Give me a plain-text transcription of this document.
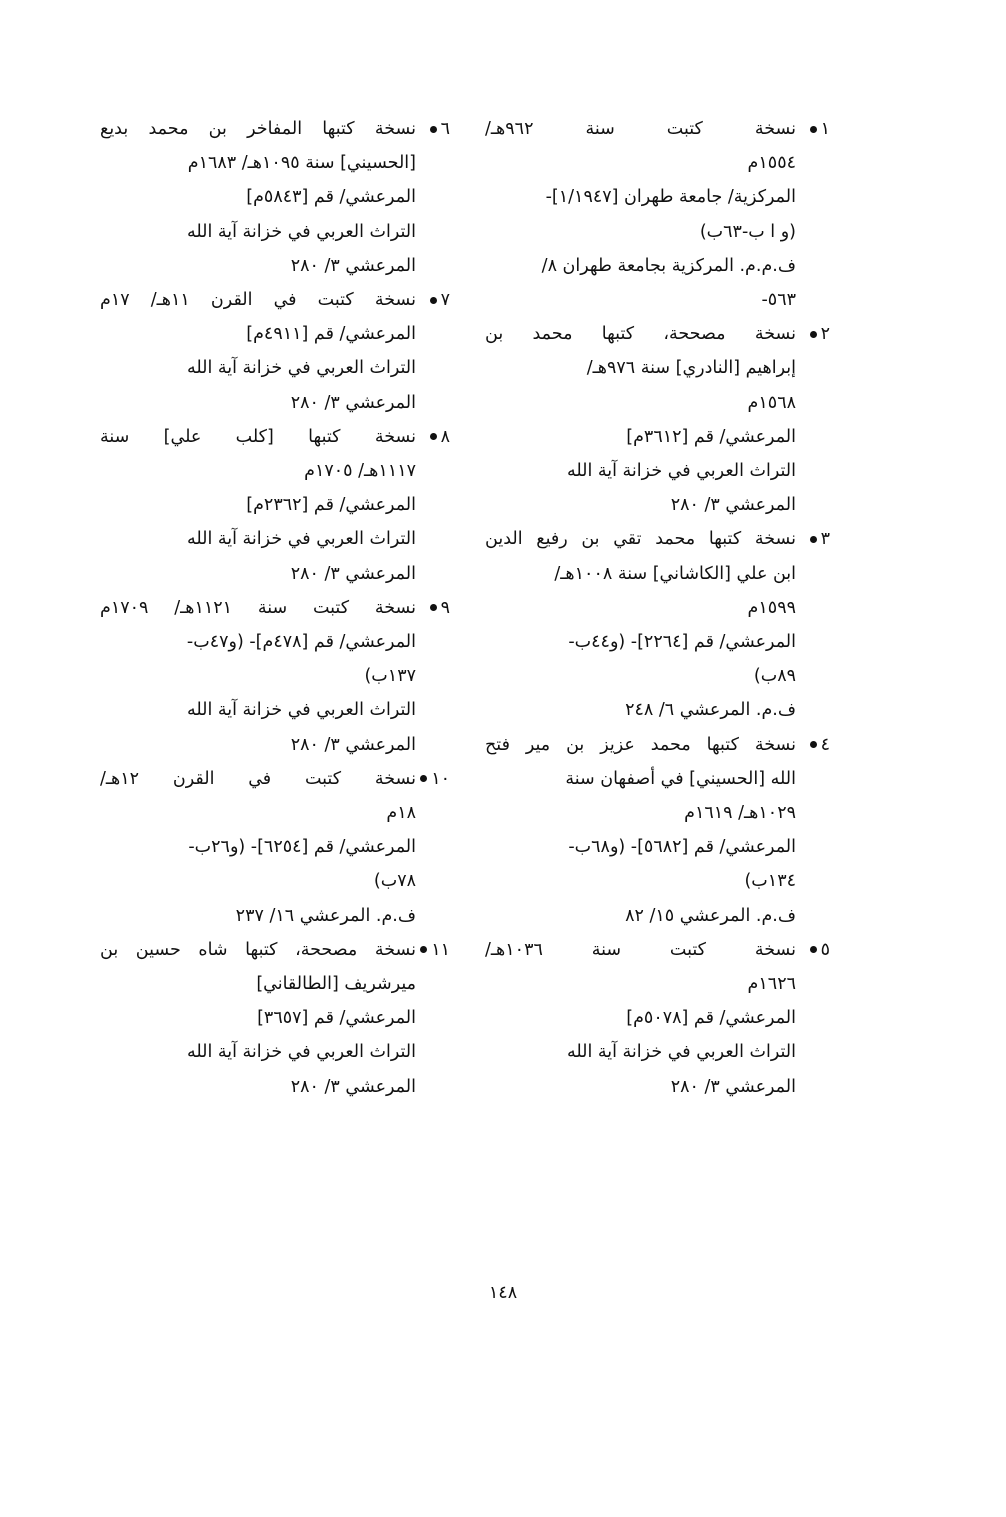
١
نسخة كتبت سنة ٩٦٢هـ/
١٥٥٤م
المركزية/ جامعة طهران [١/١٩٤٧]-
(و ا ب-٦٣ب)
ف.م.م. المركزية بجامعة طهران ٨/
٥٦٣-
٢
نسخة مصححة، كتبها محمد بن
إبراهيم [النادري] سنة ٩٧٦هـ/
١٥٦٨م
المرعشي/ قم [٣٦١٢م]
التراث العربي في خزانة آية الله
المرعشي ٣/ ٢٨٠
٣
نسخة كتبها محمد تقي بن رفيع الدين
ابن علي [الكاشاني] سنة ١٠٠٨هـ/
١٥٩٩م
المرعشي/ قم [٢٢٦٤]- (و٤٤ب-
٨٩ب)
ف.م. المرعشي ٦/ ٢٤٨
٤
نسخة كتبها محمد عزيز بن مير فتح
الله [الحسيني] في أصفهان سنة
١٠٢٩هـ/ ١٦١٩م
المرعشي/ قم [٥٦٨٢]- (و٦٨ب-
١٣٤ب)
ف.م. المرعشي ١٥/ ٨٢
٥
نسخة كتبت سنة ١٠٣٦هـ/
١٦٢٦م
المرعشي/ قم [٥٠٧٨م]
التراث العربي في خزانة آية الله
المرعشي ٣/ ٢٨٠
٦
نسخة كتبها المفاخر بن محمد بديع
[الحسيني] سنة ١٠٩٥هـ/ ١٦٨٣م
المرعشي/ قم [٥٨٤٣م]
التراث العربي في خزانة آية الله
المرعشي ٣/ ٢٨٠
٧
نسخة كتبت في القرن ١١هـ/ ١٧م
المرعشي/ قم [٤٩١١م]
التراث العربي في خزانة آية الله
المرعشي ٣/ ٢٨٠
٨
نسخة كتبها [كلب علي] سنة
١١١٧هـ/ ١٧٠٥م
المرعشي/ قم [٢٣٦٢م]
التراث العربي في خزانة آية الله
المرعشي ٣/ ٢٨٠
٩
نسخة كتبت سنة ١١٢١هـ/ ١٧٠٩م
المرعشي/ قم [٤٧٨م]- (و٤٧ب-
١٣٧ب)
التراث العربي في خزانة آية الله
المرعشي ٣/ ٢٨٠
١٠
نسخة كتبت في القرن ١٢هـ/
١٨م
المرعشي/ قم [٦٢٥٤]- (و٢٦ب-
٧٨ب)
ف.م. المرعشي ١٦/ ٢٣٧
١١
نسخة مصححة، كتبها شاه حسين بن
ميرشريف [الطالقاني]
المرعشي/ قم [٣٦٥٧]
التراث العربي في خزانة آية الله
المرعشي ٣/ ٢٨٠
١٤٨
